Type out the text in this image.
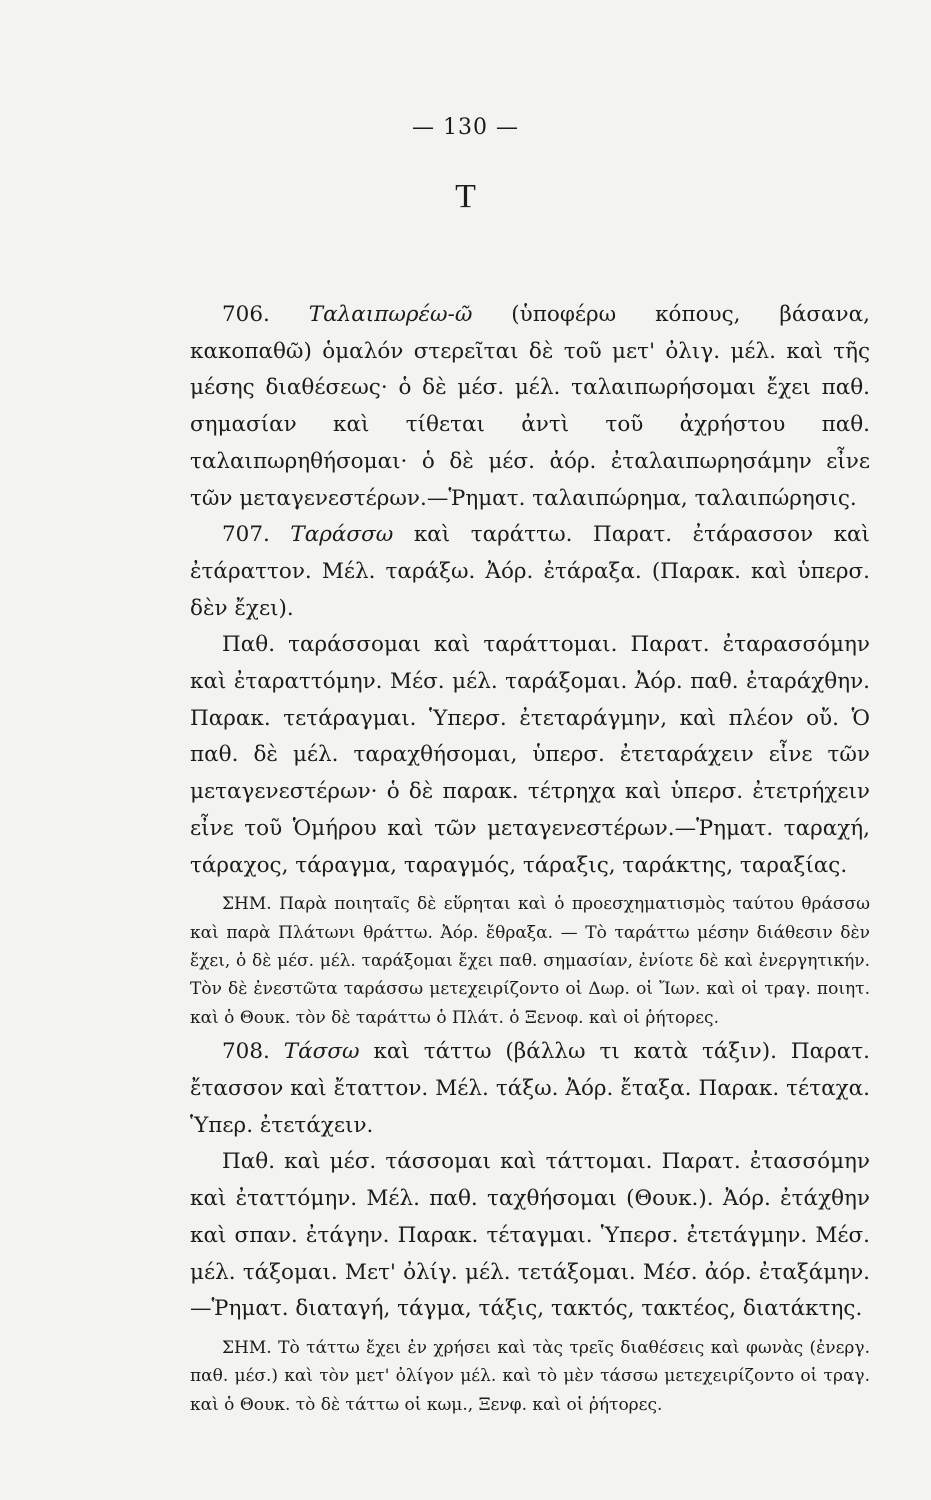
— 130 —
Τ

706. Ταλαιπωρέω-ῶ (ὑποφέρω κόπους, βάσανα, κακοπαθῶ) ὁμαλόν στερεῖται δὲ τοῦ μετ' ὀλιγ. μέλ. καὶ τῆς μέσης διαθέσεως· ὁ δὲ μέσ. μέλ. ταλαιπωρήσομαι ἔχει παθ. σημασίαν καὶ τίθεται ἀντὶ τοῦ ἀχρήστου παθ. ταλαιπωρηθήσομαι· ὁ δὲ μέσ. ἀόρ. ἐταλαιπωρησάμην εἶνε τῶν μεταγενεστέρων.—Ῥηματ. ταλαιπώρημα, ταλαιπώρησις.

707. Ταράσσω καὶ ταράττω. Παρατ. ἐτάρασσον καὶ ἐτάραττον. Μέλ. ταράξω. Ἀόρ. ἐτάραξα. (Παρακ. καὶ ὑπερσ. δὲν ἔχει).

Παθ. ταράσσομαι καὶ ταράττομαι. Παρατ. ἐταρασσόμην καὶ ἐταραττόμην. Μέσ. μέλ. ταράξομαι. Ἀόρ. παθ. ἐταράχθην. Παρακ. τετάραγμαι. Ὑπερσ. ἐτεταράγμην, καὶ πλέον οὔ. Ὁ παθ. δὲ μέλ. ταραχθήσομαι, ὑπερσ. ἐτεταράχειν εἶνε τῶν μεταγενεστέρων· ὁ δὲ παρακ. τέτρηχα καὶ ὑπερσ. ἐτετρήχειν εἶνε τοῦ Ὁμήρου καὶ τῶν μεταγενεστέρων.—Ῥηματ. ταραχή, τάραχος, τάραγμα, ταραγμός, τάραξις, ταράκτης, ταραξίας.

ΣΗΜ. Παρὰ ποιηταῖς δὲ εὕρηται καὶ ὁ προεσχηματισμὸς ταύτου θράσσω καὶ παρὰ Πλάτωνι θράττω. Ἀόρ. ἔθραξα. — Τὸ ταράττω μέσην διάθεσιν δὲν ἔχει, ὁ δὲ μέσ. μέλ. ταράξομαι ἔχει παθ. σημασίαν, ἐνίοτε δὲ καὶ ἐνεργητικήν. Τὸν δὲ ἐνεστῶτα ταράσσω μετεχειρίζοντο οἱ Δωρ. οἱ Ἴων. καὶ οἱ τραγ. ποιητ. καὶ ὁ Θουκ. τὸν δὲ ταράττω ὁ Πλάτ. ὁ Ξενοφ. καὶ οἱ ῥήτορες.

708. Τάσσω καὶ τάττω (βάλλω τι κατὰ τάξιν). Παρατ. ἔτασσον καὶ ἔταττον. Μέλ. τάξω. Ἀόρ. ἔταξα. Παρακ. τέταχα. Ὑπερ. ἐτετάχειν.

Παθ. καὶ μέσ. τάσσομαι καὶ τάττομαι. Παρατ. ἐτασσόμην καὶ ἐταττόμην. Μέλ. παθ. ταχθήσομαι (Θουκ.). Ἀόρ. ἐτάχθην καὶ σπαν. ἐτάγην. Παρακ. τέταγμαι. Ὑπερσ. ἐτετάγμην. Μέσ. μέλ. τάξομαι. Μετ' ὀλίγ. μέλ. τετάξομαι. Μέσ. ἀόρ. ἐταξάμην.—Ῥηματ. διαταγή, τάγμα, τάξις, τακτός, τακτέος, διατάκτης.

ΣΗΜ. Τὸ τάττω ἔχει ἐν χρήσει καὶ τὰς τρεῖς διαθέσεις καὶ φωνὰς (ἐνεργ. παθ. μέσ.) καὶ τὸν μετ' ὀλίγον μέλ. καὶ τὸ μὲν τάσσω μετεχειρίζοντο οἱ τραγ. καὶ ὁ Θουκ. τὸ δὲ τάττω οἱ κωμ., Ξενφ. καὶ οἱ ῥήτορες.
